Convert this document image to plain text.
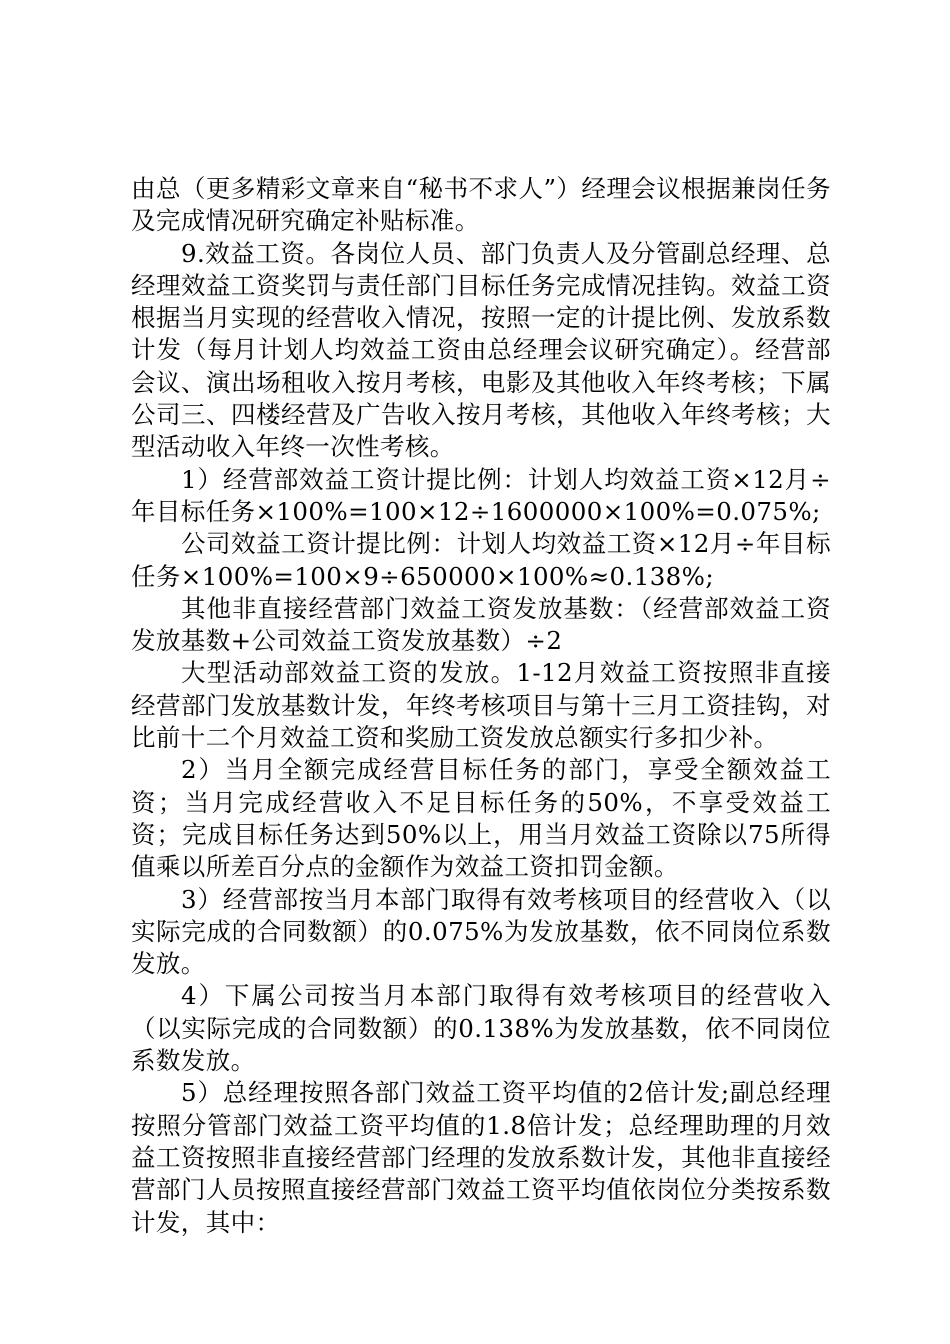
由总（更多精彩文章来自“秘书不求人”）经理会议根据兼岗任务及完成情况研究确定补贴标准。

9.效益工资。各岗位人员、部门负责人及分管副总经理、总经理效益工资奖罚与责任部门目标任务完成情况挂钩。效益工资根据当月实现的经营收入情况，按照一定的计提比例、发放系数计发（每月计划人均效益工资由总经理会议研究确定）。经营部会议、演出场租收入按月考核，电影及其他收入年终考核；下属公司三、四楼经营及广告收入按月考核，其他收入年终考核；大型活动收入年终一次性考核。

1）经营部效益工资计提比例：计划人均效益工资×12月÷年目标任务×100%=100×12÷1600000×100%=0.075%;

公司效益工资计提比例：计划人均效益工资×12月÷年目标任务×100%=100×9÷650000×100%≈0.138%;

其他非直接经营部门效益工资发放基数：（经营部效益工资发放基数+公司效益工资发放基数）÷2

大型活动部效益工资的发放。1-12月效益工资按照非直接经营部门发放基数计发，年终考核项目与第十三月工资挂钩，对比前十二个月效益工资和奖励工资发放总额实行多扣少补。

2）当月全额完成经营目标任务的部门，享受全额效益工资；当月完成经营收入不足目标任务的50%，不享受效益工资；完成目标任务达到50%以上，用当月效益工资除以75所得值乘以所差百分点的金额作为效益工资扣罚金额。

3）经营部按当月本部门取得有效考核项目的经营收入（以实际完成的合同数额）的0.075%为发放基数，依不同岗位系数发放。

4）下属公司按当月本部门取得有效考核项目的经营收入（以实际完成的合同数额）的0.138%为发放基数，依不同岗位系数发放。

5）总经理按照各部门效益工资平均值的2倍计发;副总经理按照分管部门效益工资平均值的1.8倍计发；总经理助理的月效益工资按照非直接经营部门经理的发放系数计发，其他非直接经营部门人员按照直接经营部门效益工资平均值依岗位分类按系数计发，其中：
